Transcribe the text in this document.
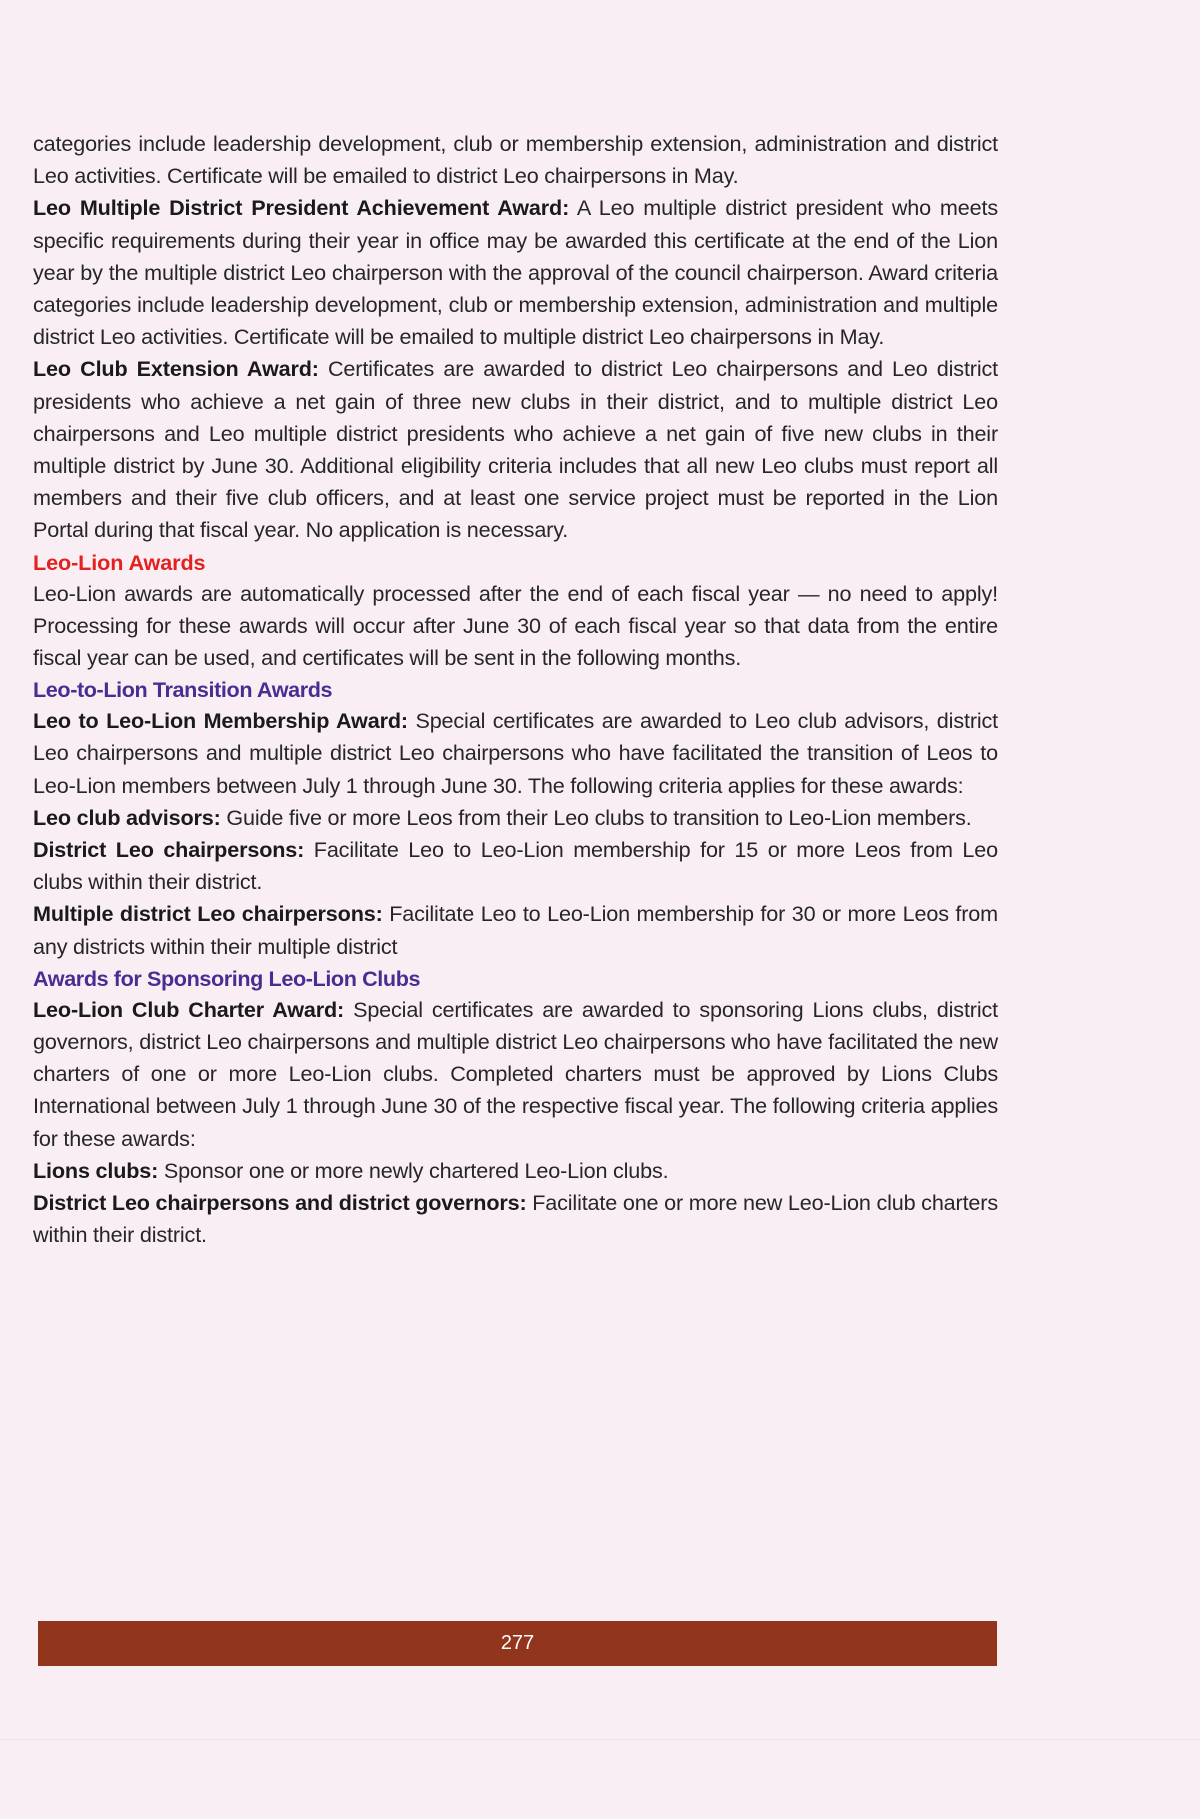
categories include leadership development, club or membership extension, administration and district Leo activities. Certificate will be emailed to district Leo chairpersons in May.

Leo Multiple District President Achievement Award: A Leo multiple district president who meets specific requirements during their year in office may be awarded this certificate at the end of the Lion year by the multiple district Leo chairperson with the approval of the council chairperson. Award criteria categories include leadership development, club or membership extension, administration and multiple district Leo activities. Certificate will be emailed to multiple district Leo chairpersons in May.

Leo Club Extension Award: Certificates are awarded to district Leo chairpersons and Leo district presidents who achieve a net gain of three new clubs in their district, and to multiple district Leo chairpersons and Leo multiple district presidents who achieve a net gain of five new clubs in their multiple district by June 30. Additional eligibility criteria includes that all new Leo clubs must report all members and their five club officers, and at least one service project must be reported in the Lion Portal during that fiscal year. No application is necessary.

Leo-Lion Awards

Leo-Lion awards are automatically processed after the end of each fiscal year — no need to apply! Processing for these awards will occur after June 30 of each fiscal year so that data from the entire fiscal year can be used, and certificates will be sent in the following months.

Leo-to-Lion Transition Awards

Leo to Leo-Lion Membership Award: Special certificates are awarded to Leo club advisors, district Leo chairpersons and multiple district Leo chairpersons who have facilitated the transition of Leos to Leo-Lion members between July 1 through June 30. The following criteria applies for these awards:

Leo club advisors: Guide five or more Leos from their Leo clubs to transition to Leo-Lion members.

District Leo chairpersons: Facilitate Leo to Leo-Lion membership for 15 or more Leos from Leo clubs within their district.

Multiple district Leo chairpersons: Facilitate Leo to Leo-Lion membership for 30 or more Leos from any districts within their multiple district

Awards for Sponsoring Leo-Lion Clubs

Leo-Lion Club Charter Award: Special certificates are awarded to sponsoring Lions clubs, district governors, district Leo chairpersons and multiple district Leo chairpersons who have facilitated the new charters of one or more Leo-Lion clubs. Completed charters must be approved by Lions Clubs International between July 1 through June 30 of the respective fiscal year. The following criteria applies for these awards:

Lions clubs: Sponsor one or more newly chartered Leo-Lion clubs.

District Leo chairpersons and district governors: Facilitate one or more new Leo-Lion club charters within their district.

277
